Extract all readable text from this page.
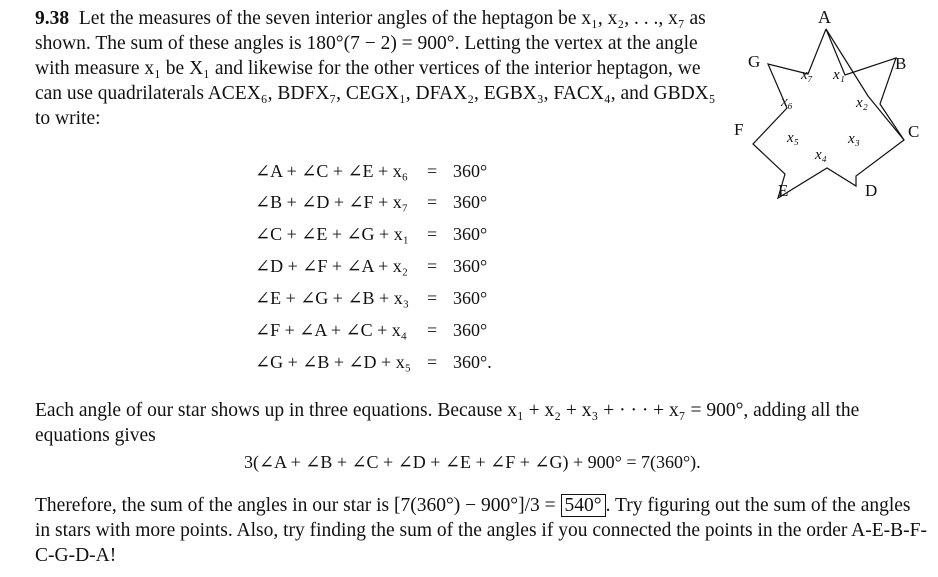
9.38 Let the measures of the seven interior angles of the heptagon be x₁, x₂, . . ., x₇ as shown. The sum of these angles is 180°(7 − 2) = 900°. Letting the vertex at the angle with measure x₁ be X₁ and likewise for the other vertices of the interior heptagon, we can use quadrilaterals ACEX₆, BDFX₇, CEGX₁, DFAX₂, EGBX₃, FACX₄, and GBDX₅ to write:
∠A + ∠C + ∠E + x₆ = 360°
∠B + ∠D + ∠F + x₇ = 360°
∠C + ∠E + ∠G + x₁ = 360°
∠D + ∠F + ∠A + x₂ = 360°
∠E + ∠G + ∠B + x₃ = 360°
∠F + ∠A + ∠C + x₄ = 360°
∠G + ∠B + ∠D + x₅ = 360°.
Each angle of our star shows up in three equations. Because x₁ + x₂ + x₃ + · · · + x₇ = 900°, adding all the equations gives
3(∠A + ∠B + ∠C + ∠D + ∠E + ∠F + ∠G) + 900° = 7(360°).
Therefore, the sum of the angles in our star is [7(360°) − 900°]/3 = 540° . Try figuring out the sum of the angles in stars with more points. Also, try finding the sum of the angles if you connected the points in the order A-E-B-F-C-G-D-A!
A
B
C
D
E
F
G
x₁
x₂
x₃
x₄
x₅
x₆
x₇
